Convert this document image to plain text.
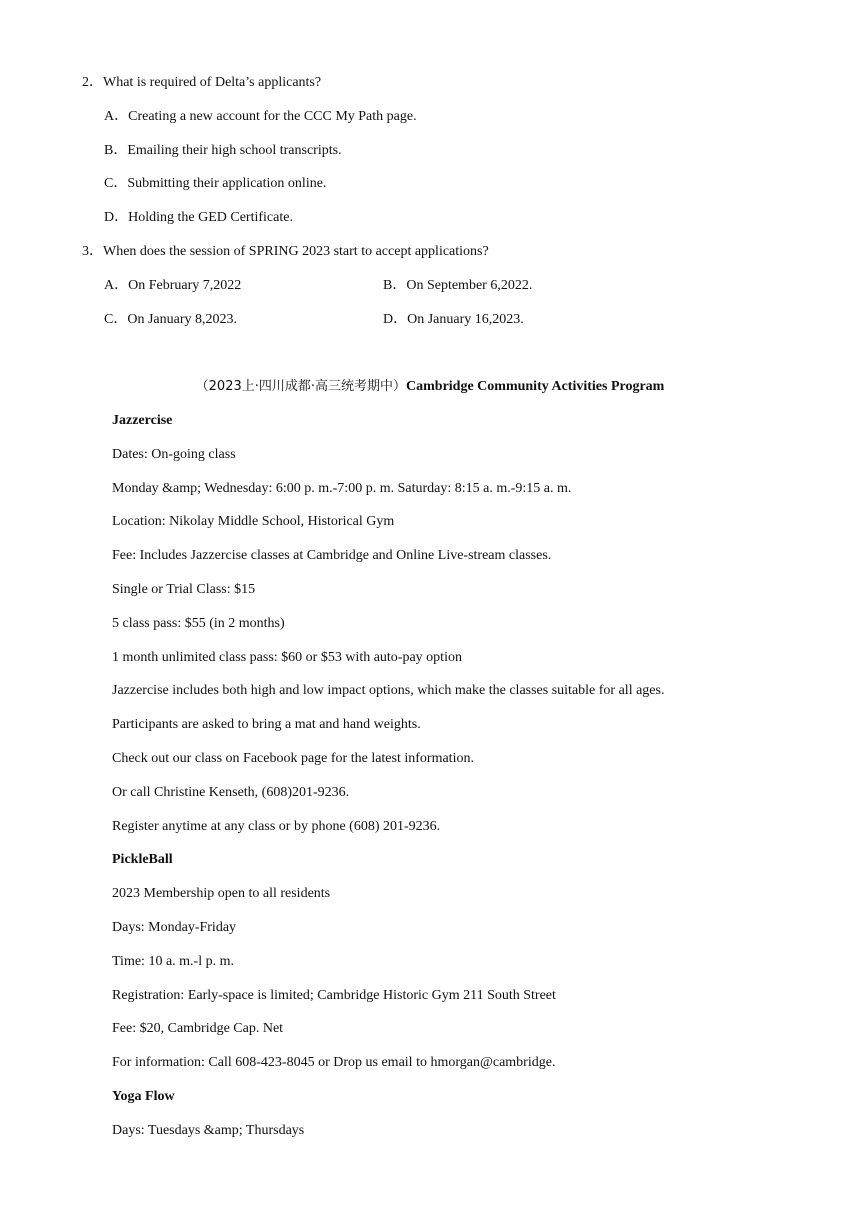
2．What is required of Delta’s applicants?
A．Creating a new account for the CCC My Path page.
B．Emailing their high school transcripts.
C．Submitting their application online.
D．Holding the GED Certificate.
3．When does the session of SPRING 2023 start to accept applications?
A．On February 7,2022	B．On September 6,2022.
C．On January 8,2023.	D．On January 16,2023.
（2023上·四川成都·高三统考期中）Cambridge Community Activities Program
Jazzercise
Dates: On-going class
Monday &amp; Wednesday: 6:00 p. m.-7:00 p. m. Saturday: 8:15 a. m.-9:15 a. m.
Location: Nikolay Middle School, Historical Gym
Fee: Includes Jazzercise classes at Cambridge and Online Live-stream classes.
Single or Trial Class: $15
5 class pass: $55 (in 2 months)
1 month unlimited class pass: $60 or $53 with auto-pay option
Jazzercise includes both high and low impact options, which make the classes suitable for all ages.
Participants are asked to bring a mat and hand weights.
Check out our class on Facebook page for the latest information.
Or call Christine Kenseth, (608)201-9236.
Register anytime at any class or by phone (608) 201-9236.
PickleBall
2023 Membership open to all residents
Days: Monday-Friday
Time: 10 a. m.-l p. m.
Registration: Early-space is limited; Cambridge Historic Gym 211 South Street
Fee: $20, Cambridge Cap. Net
For information: Call 608-423-8045 or Drop us email to hmorgan@cambridge.
Yoga Flow
Days: Tuesdays &amp; Thursdays
